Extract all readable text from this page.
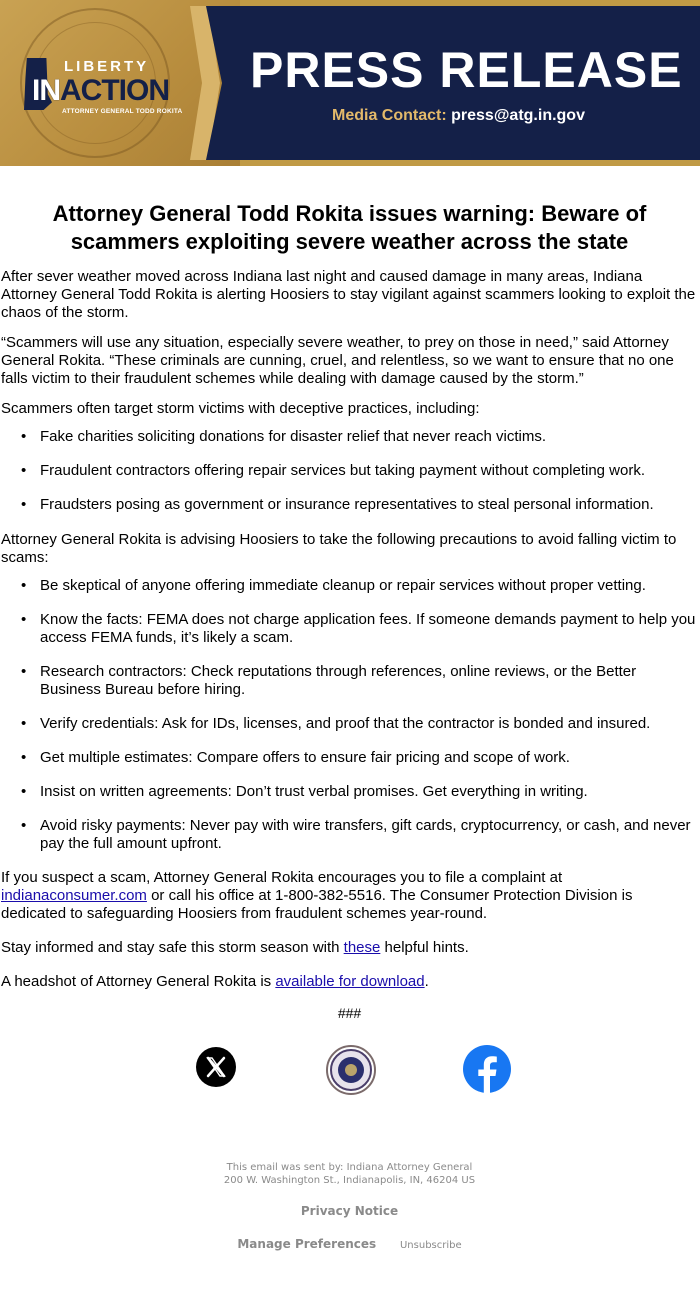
LIBERTY
INACTION
ATTORNEY GENERAL TODD ROKITA
PRESS RELEASE
Media Contact: press@atg.in.gov
Attorney General Todd Rokita issues warning: Beware of scammers exploiting severe weather across the state

After sever weather moved across Indiana last night and caused damage in many areas, Indiana Attorney General Todd Rokita is alerting Hoosiers to stay vigilant against scammers looking to exploit the chaos of the storm.

“Scammers will use any situation, especially severe weather, to prey on those in need,” said Attorney General Rokita. “These criminals are cunning, cruel, and relentless, so we want to ensure that no one falls victim to their fraudulent schemes while dealing with damage caused by the storm.”

Scammers often target storm victims with deceptive practices, including:

• Fake charities soliciting donations for disaster relief that never reach victims.
• Fraudulent contractors offering repair services but taking payment without completing work.
• Fraudsters posing as government or insurance representatives to steal personal information.

Attorney General Rokita is advising Hoosiers to take the following precautions to avoid falling victim to scams:

• Be skeptical of anyone offering immediate cleanup or repair services without proper vetting.
• Know the facts: FEMA does not charge application fees. If someone demands payment to help you access FEMA funds, it’s likely a scam.
• Research contractors: Check reputations through references, online reviews, or the Better Business Bureau before hiring.
• Verify credentials: Ask for IDs, licenses, and proof that the contractor is bonded and insured.
• Get multiple estimates: Compare offers to ensure fair pricing and scope of work.
• Insist on written agreements: Don’t trust verbal promises. Get everything in writing.
• Avoid risky payments: Never pay with wire transfers, gift cards, cryptocurrency, or cash, and never pay the full amount upfront.

If you suspect a scam, Attorney General Rokita encourages you to file a complaint at indianaconsumer.com or call his office at 1-800-382-5516. The Consumer Protection Division is dedicated to safeguarding Hoosiers from fraudulent schemes year-round.

Stay informed and stay safe this storm season with these helpful hints.

A headshot of Attorney General Rokita is available for download.

###
This email was sent by: Indiana Attorney General
200 W. Washington St., Indianapolis, IN, 46204 US
Privacy Notice
Manage Preferences Unsubscribe
